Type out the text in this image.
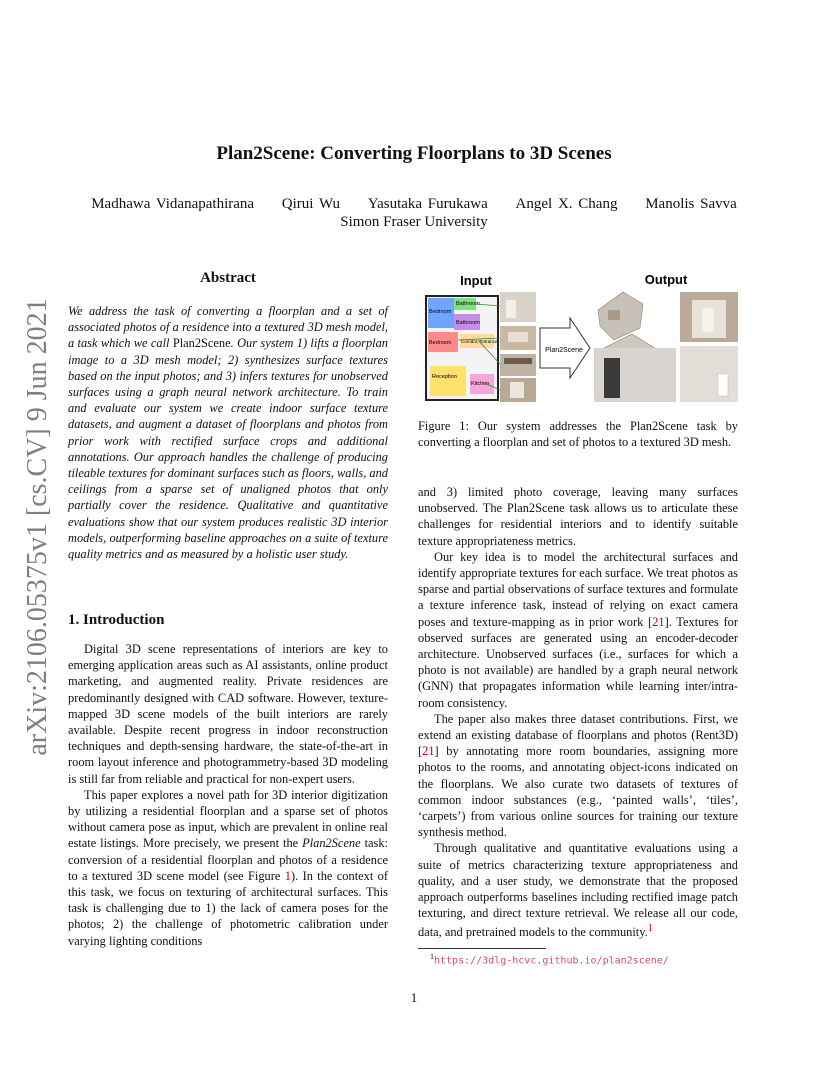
Plan2Scene: Converting Floorplans to 3D Scenes
Madhawa Vidanapathirana Qirui Wu Yasutaka Furukawa Angel X. Chang Manolis Savva
Simon Fraser University
arXiv:2106.05375v1 [cs.CV] 9 Jun 2021
Abstract
We address the task of converting a floorplan and a set of associated photos of a residence into a textured 3D mesh model, a task which we call Plan2Scene. Our system 1) lifts a floorplan image to a 3D mesh model; 2) synthesizes surface textures based on the input photos; and 3) infers textures for unobserved surfaces using a graph neural network architecture. To train and evaluate our system we create indoor surface texture datasets, and augment a dataset of floorplans and photos from prior work with rectified surface crops and additional annotations. Our approach handles the challenge of producing tileable textures for dominant surfaces such as floors, walls, and ceilings from a sparse set of unaligned photos that only partially cover the residence. Qualitative and quantitative evaluations show that our system produces realistic 3D interior models, outperforming baseline approaches on a suite of texture quality metrics and as measured by a holistic user study.
1. Introduction

Digital 3D scene representations of interiors are key to emerging application areas such as AI assistants, online product marketing, and augmented reality. Private residences are predominantly designed with CAD software. However, texture-mapped 3D scene models of the built interiors are rarely available. Despite recent progress in indoor reconstruction techniques and depth-sensing hardware, the state-of-the-art in room layout inference and photogrammetry-based 3D modeling is still far from reliable and practical for non-expert users.

This paper explores a novel path for 3D interior digitization by utilizing a residential floorplan and a sparse set of photos without camera pose as input, which are prevalent in online real estate listings. More precisely, we present the Plan2Scene task: conversion of a residential floorplan and photos of a residence to a textured 3D scene model (see Figure 1). In the context of this task, we focus on texturing of architectural surfaces. This task is challenging due to 1) the lack of camera poses for the photos; 2) the challenge of photometric calibration under varying lighting conditions

Input	Output
Bathroom
Bedroom
Bathroom
Bedroom Corridor, Entrance
Reception
Kitchen
Plan2Scene
Figure 1: Our system addresses the Plan2Scene task by converting a floorplan and set of photos to a textured 3D mesh.

and 3) limited photo coverage, leaving many surfaces unobserved. The Plan2Scene task allows us to articulate these challenges for residential interiors and to identify suitable texture appropriateness metrics.

Our key idea is to model the architectural surfaces and identify appropriate textures for each surface. We treat photos as sparse and partial observations of surface textures and formulate a texture inference task, instead of relying on exact camera poses and texture-mapping as in prior work [21]. Textures for observed surfaces are generated using an encoder-decoder architecture. Unobserved surfaces (i.e., surfaces for which a photo is not available) are handled by a graph neural network (GNN) that propagates information while learning inter/intra-room consistency.

The paper also makes three dataset contributions. First, we extend an existing database of floorplans and photos (Rent3D) [21] by annotating more room boundaries, assigning more photos to the rooms, and annotating object-icons indicated on the floorplans. We also curate two datasets of textures of common indoor substances (e.g., ‘painted walls’, ‘tiles’, ‘carpets’) from various online sources for training our texture synthesis method.

Through qualitative and quantitative evaluations using a suite of metrics characterizing texture appropriateness and quality, and a user study, we demonstrate that the proposed approach outperforms baselines including rectified image patch texturing, and direct texture retrieval. We release all our code, data, and pretrained models to the community.$^1$

$^1$https://3dlg-hcvc.github.io/plan2scene/
1
